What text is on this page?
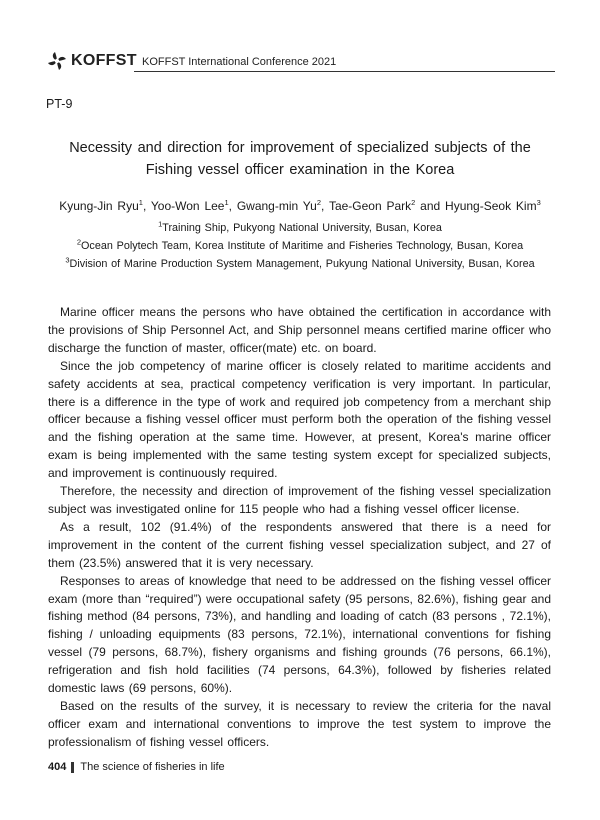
KOFFST KOFFST International Conference 2021
PT-9
Necessity and direction for improvement of specialized subjects of the
Fishing vessel officer examination in the Korea
Kyung-Jin Ryu$^1$, Yoo-Won Lee$^1$, Gwang-min Yu$^2$, Tae-Geon Park$^2$ and Hyung-Seok Kim$^3$
$^1$Training Ship, Pukyong National University, Busan, Korea
$^2$Ocean Polytech Team, Korea Institute of Maritime and Fisheries Technology, Busan, Korea
$^3$Division of Marine Production System Management, Pukyung National University, Busan, Korea

Marine officer means the persons who have obtained the certification in accordance with the provisions of Ship Personnel Act, and Ship personnel means certified marine officer who discharge the function of master, officer(mate) etc. on board.

Since the job competency of marine officer is closely related to maritime accidents and safety accidents at sea, practical competency verification is very important. In particular, there is a difference in the type of work and required job competency from a merchant ship officer because a fishing vessel officer must perform both the operation of the fishing vessel and the fishing operation at the same time. However, at present, Korea's marine officer exam is being implemented with the same testing system except for specialized subjects, and improvement is continuously required.

Therefore, the necessity and direction of improvement of the fishing vessel specialization subject was investigated online for 115 people who had a fishing vessel officer license.

As a result, 102 (91.4%) of the respondents answered that there is a need for improvement in the content of the current fishing vessel specialization subject, and 27 of them (23.5%) answered that it is very necessary.

Responses to areas of knowledge that need to be addressed on the fishing vessel officer exam (more than “required”) were occupational safety (95 persons, 82.6%), fishing gear and fishing method (84 persons, 73%), and handling and loading of catch (83 persons , 72.1%), fishing / unloading equipments (83 persons, 72.1%), international conventions for fishing vessel (79 persons, 68.7%), fishery organisms and fishing grounds (76 persons, 66.1%), refrigeration and fish hold facilities (74 persons, 64.3%), followed by fisheries related domestic laws (69 persons, 60%).

Based on the results of the survey, it is necessary to review the criteria for the naval officer exam and international conventions to improve the test system to improve the professionalism of fishing vessel officers.

404 The science of fisheries in life
